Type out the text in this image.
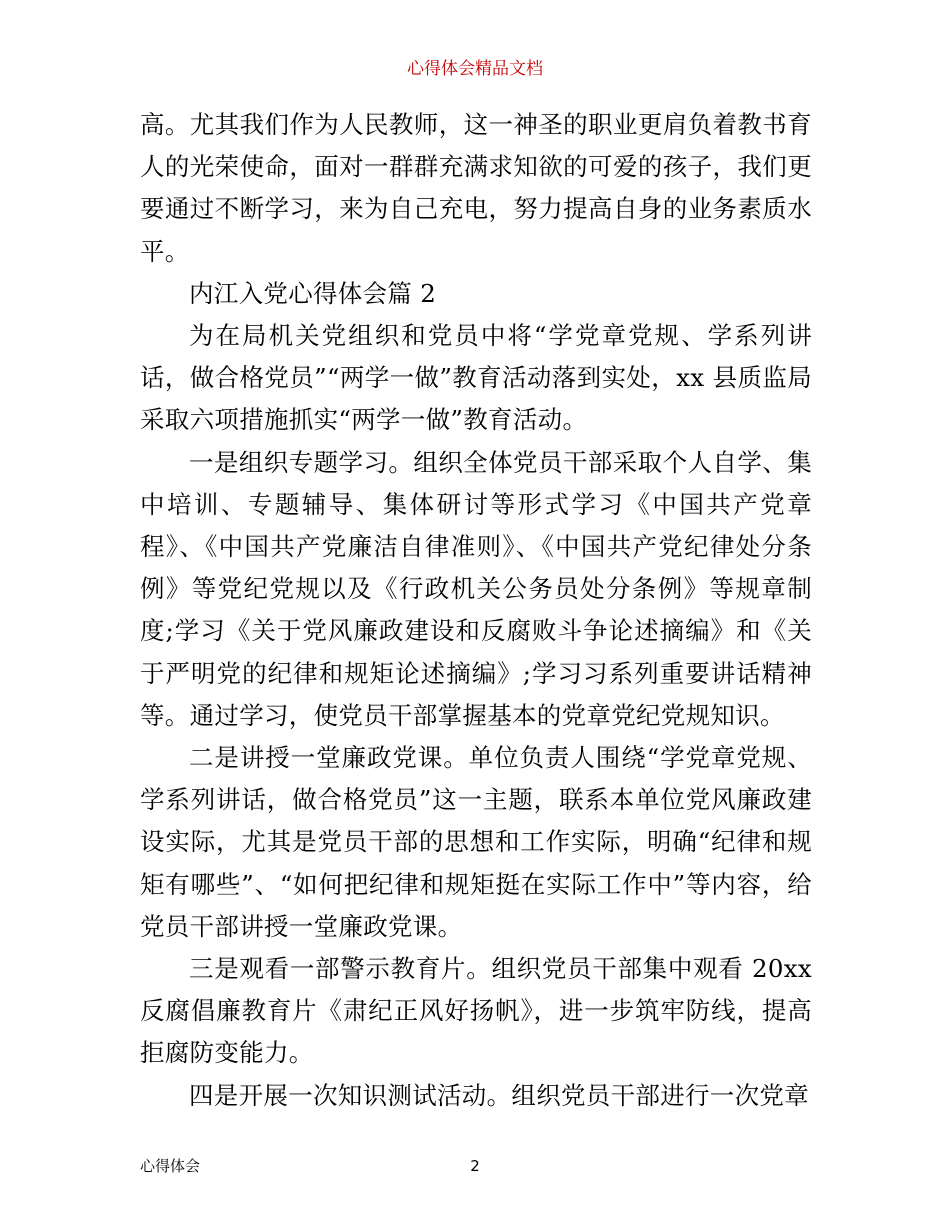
心得体会精品文档

高。尤其我们作为人民教师，这一神圣的职业更肩负着教书育人的光荣使命，面对一群群充满求知欲的可爱的孩子，我们更要通过不断学习，来为自己充电，努力提高自身的业务素质水平。

内江入党心得体会篇 2

为在局机关党组织和党员中将“学党章党规、学系列讲话，做合格党员”“两学一做”教育活动落到实处，xx 县质监局采取六项措施抓实“两学一做”教育活动。

一是组织专题学习。组织全体党员干部采取个人自学、集中培训、专题辅导、集体研讨等形式学习《中国共产党章程》、《中国共产党廉洁自律准则》、《中国共产党纪律处分条例》等党纪党规以及《行政机关公务员处分条例》等规章制度;学习《关于党风廉政建设和反腐败斗争论述摘编》和《关于严明党的纪律和规矩论述摘编》;学习习系列重要讲话精神等。通过学习，使党员干部掌握基本的党章党纪党规知识。

二是讲授一堂廉政党课。单位负责人围绕“学党章党规、学系列讲话，做合格党员”这一主题，联系本单位党风廉政建设实际，尤其是党员干部的思想和工作实际，明确“纪律和规矩有哪些”、“如何把纪律和规矩挺在实际工作中”等内容，给党员干部讲授一堂廉政党课。

三是观看一部警示教育片。组织党员干部集中观看 20xx 反腐倡廉教育片《肃纪正风好扬帆》，进一步筑牢防线，提高拒腐防变能力。

四是开展一次知识测试活动。组织党员干部进行一次党章

心得体会	2
